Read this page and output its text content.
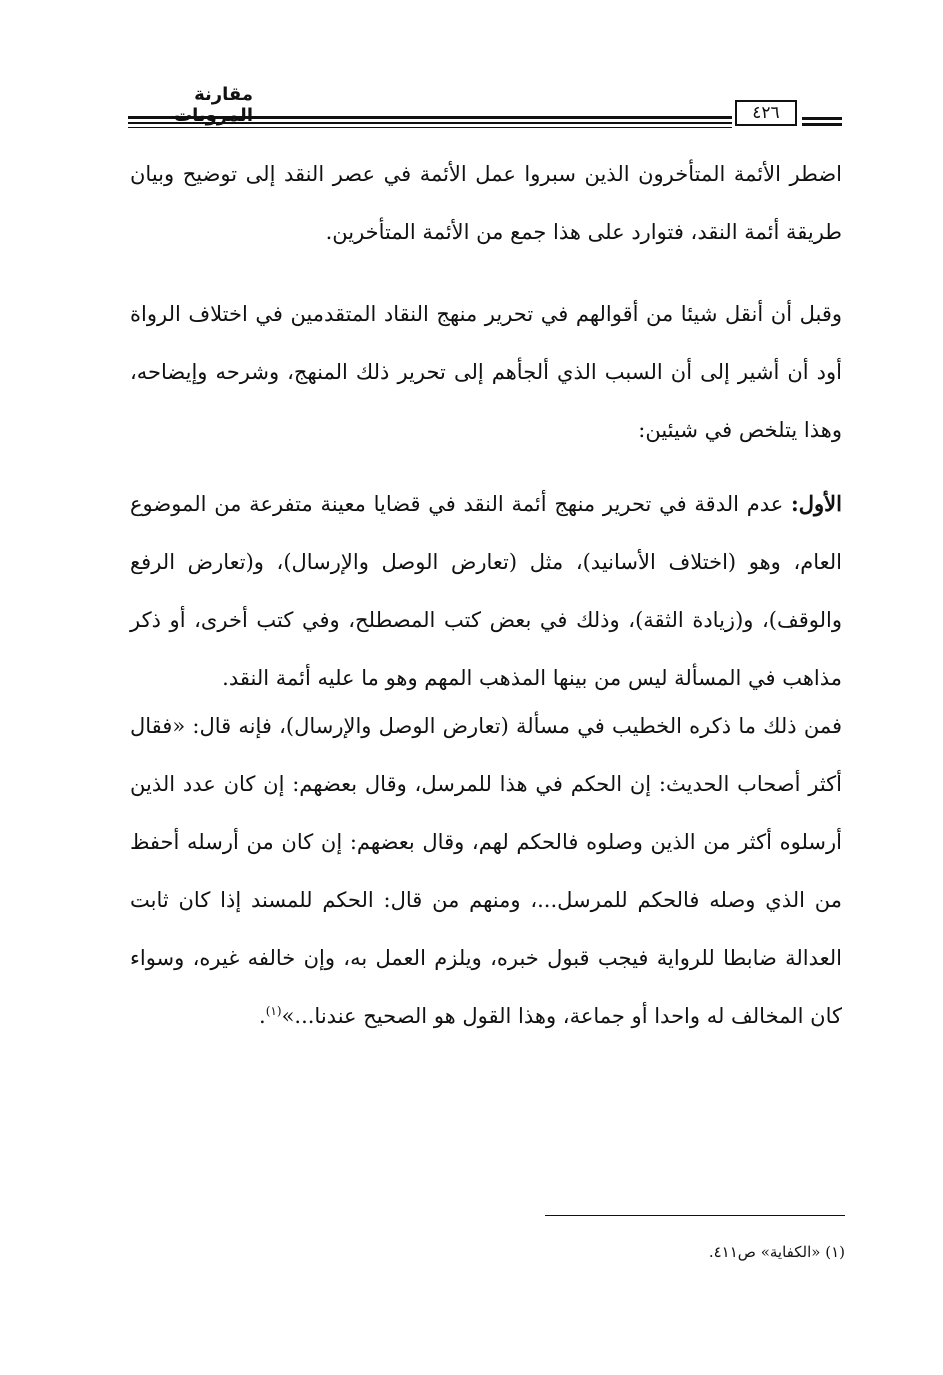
مقارنة
٤٢٦

اضطر الأئمة المتأخرون الذين سبروا عمل الأئمة في عصر النقد إلى توضيح وبيان طريقة أئمة النقد، فتوارد على هذا جمع من الأئمة المتأخرين.

وقبل أن أنقل شيئا من أقوالهم في تحرير منهج النقاد المتقدمين في اختلاف الرواة أود أن أشير إلى أن السبب الذي ألجأهم إلى تحرير ذلك المنهج، وشرحه وإيضاحه، وهذا يتلخص في شيئين:

الأول: عدم الدقة في تحرير منهج أئمة النقد في قضايا معينة متفرعة من الموضوع العام، وهو (اختلاف الأسانيد)، مثل (تعارض الوصل والإرسال)، و(تعارض الرفع والوقف)، و(زيادة الثقة)، وذلك في بعض كتب المصطلح، وفي كتب أخرى، أو ذكر مذاهب في المسألة ليس من بينها المذهب المهم وهو ما عليه أئمة النقد.

فمن ذلك ما ذكره الخطيب في مسألة (تعارض الوصل والإرسال)، فإنه قال: «فقال أكثر أصحاب الحديث: إن الحكم في هذا للمرسل، وقال بعضهم: إن كان عدد الذين أرسلوه أكثر من الذين وصلوه فالحكم لهم، وقال بعضهم: إن كان من أرسله أحفظ من الذي وصله فالحكم للمرسل...، ومنهم من قال: الحكم للمسند إذا كان ثابت العدالة ضابطا للرواية فيجب قبول خبره، ويلزم العمل به، وإن خالفه غيره، وسواء كان المخالف له واحدا أو جماعة، وهذا القول هو الصحيح عندنا...»$^{(١)}$.

(١) «الكفاية» ص٤١١.
